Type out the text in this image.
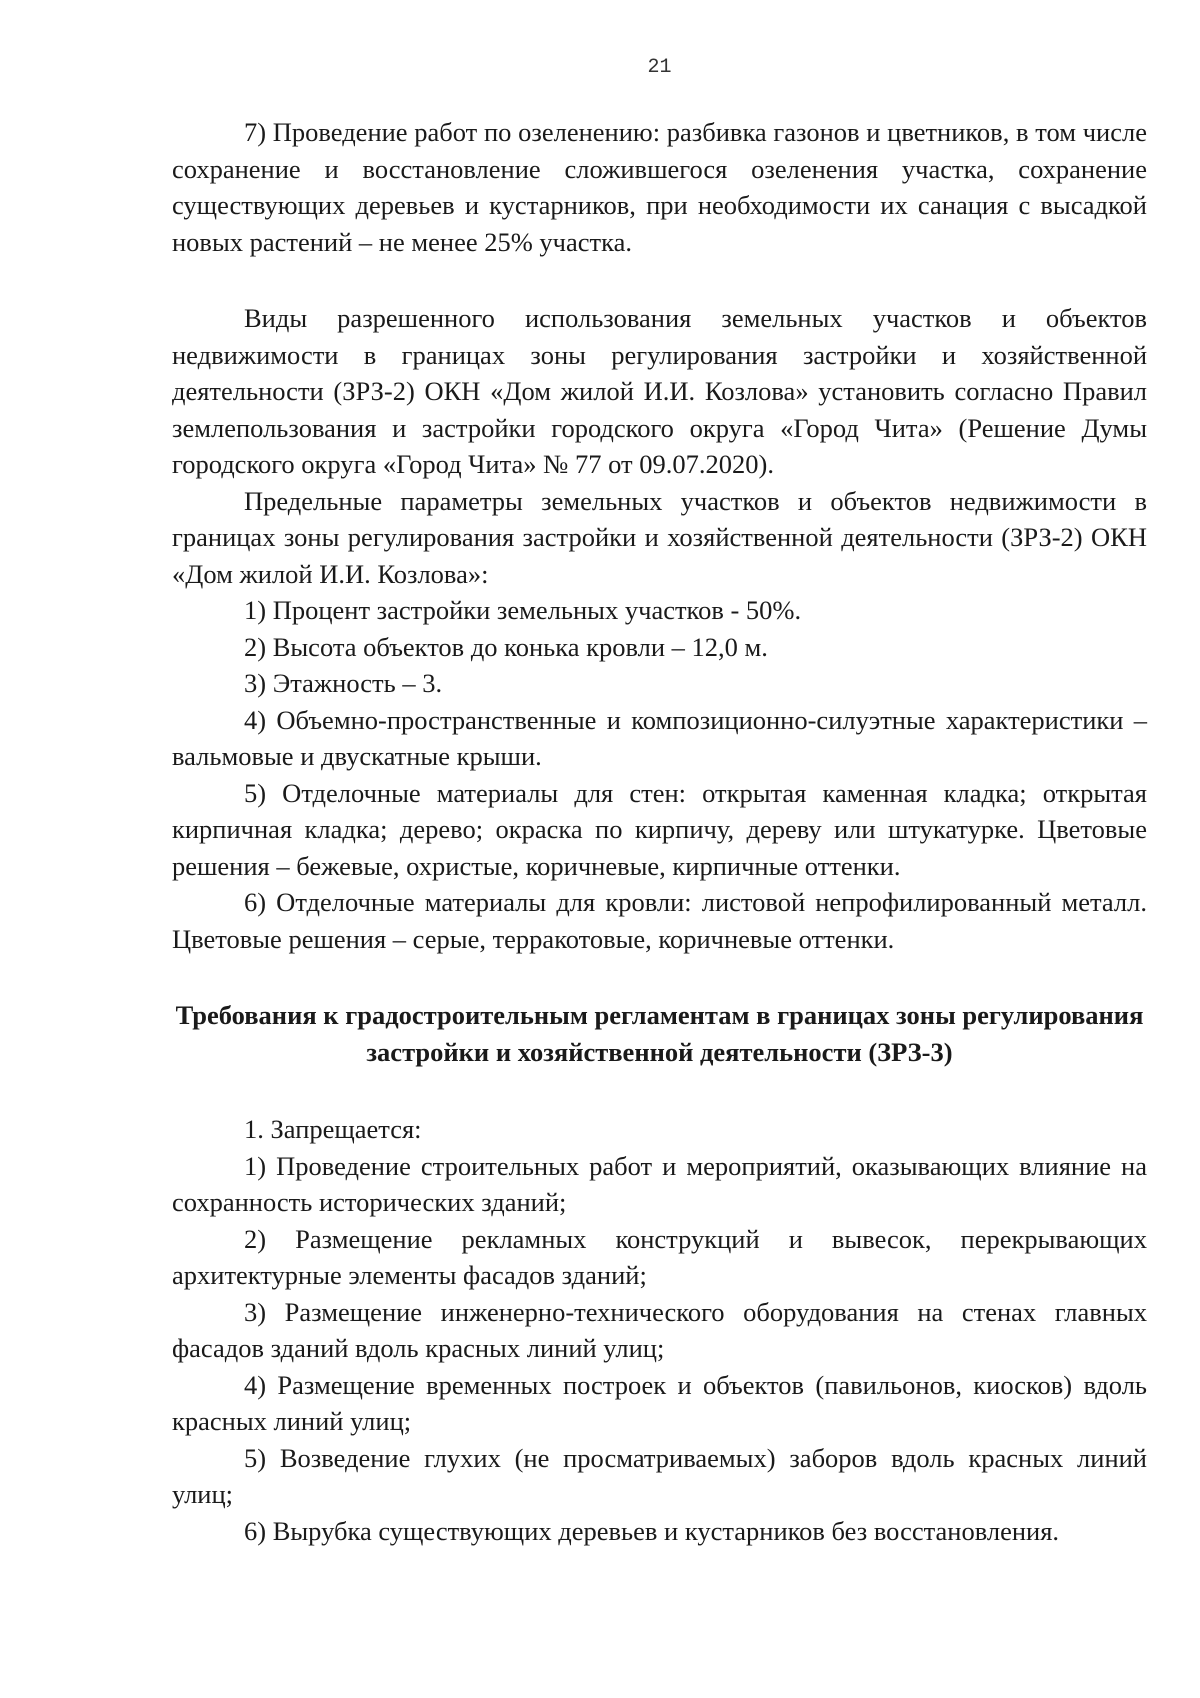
21

7) Проведение работ по озеленению: разбивка газонов и цветников, в том числе сохранение и восстановление сложившегося озеленения участка, сохранение существующих деревьев и кустарников, при необходимости их санация с высадкой новых растений – не менее 25% участка.

Виды разрешенного использования земельных участков и объектов недвижимости в границах зоны регулирования застройки и хозяйственной деятельности (ЗРЗ-2) ОКН «Дом жилой И.И. Козлова» установить согласно Правил землепользования и застройки городского округа «Город Чита» (Решение Думы городского округа «Город Чита» № 77 от 09.07.2020).

Предельные параметры земельных участков и объектов недвижимости в границах зоны регулирования застройки и хозяйственной деятельности (ЗРЗ-2) ОКН «Дом жилой И.И. Козлова»:

1) Процент застройки земельных участков - 50%.

2) Высота объектов до конька кровли – 12,0 м.

3) Этажность – 3.

4) Объемно-пространственные и композиционно-силуэтные характеристики – вальмовые и двускатные крыши.

5) Отделочные материалы для стен: открытая каменная кладка; открытая кирпичная кладка; дерево; окраска по кирпичу, дереву или штукатурке. Цветовые решения – бежевые, охристые, коричневые, кирпичные оттенки.

6) Отделочные материалы для кровли: листовой непрофилированный металл. Цветовые решения – серые, терракотовые, коричневые оттенки.

Требования к градостроительным регламентам в границах зоны регулирования застройки и хозяйственной деятельности (ЗРЗ-3)

1. Запрещается:

1) Проведение строительных работ и мероприятий, оказывающих влияние на сохранность исторических зданий;

2) Размещение рекламных конструкций и вывесок, перекрывающих архитектурные элементы фасадов зданий;

3) Размещение инженерно-технического оборудования на стенах главных фасадов зданий вдоль красных линий улиц;

4) Размещение временных построек и объектов (павильонов, киосков) вдоль красных линий улиц;

5) Возведение глухих (не просматриваемых) заборов вдоль красных линий улиц;

6) Вырубка существующих деревьев и кустарников без восстановления.
